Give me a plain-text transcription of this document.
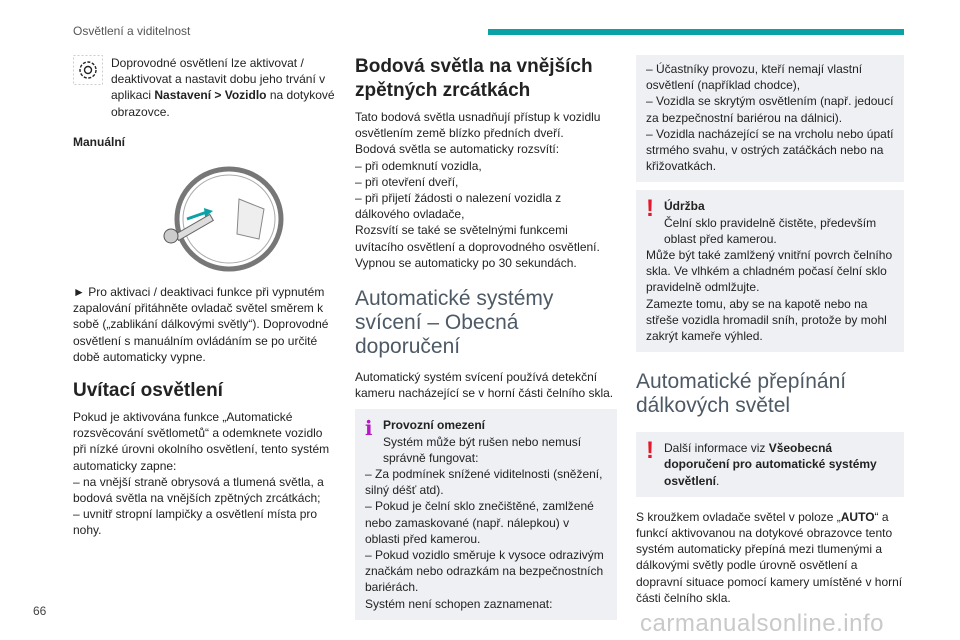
Osvětlení a viditelnost

Doprovodné osvětlení lze aktivovat / deaktivovat a nastavit dobu jeho trvání v aplikaci Nastavení > Vozidlo na dotykové obrazovce.

Manuální

► Pro aktivaci / deaktivaci funkce při vypnutém zapalování přitáhněte ovladač světel směrem k sobě („zablikání dálkovými světly“). Doprovodné osvětlení s manuálním ovládáním se po určité době automaticky vypne.

Uvítací osvětlení

Pokud je aktivována funkce „Automatické rozsvěcování světlometů“ a odemknete vozidlo při nízké úrovni okolního osvětlení, tento systém automaticky zapne:

– na vnější straně obrysová a tlumená světla, a bodová světla na vnějších zpětných zrcátkách;

– uvnitř stropní lampičky a osvětlení místa pro nohy.

Bodová světla na vnějších zpětných zrcátkách

Tato bodová světla usnadňují přístup k vozidlu osvětlením země blízko předních dveří.

Bodová světla se automaticky rozsvítí:

– při odemknutí vozidla,

– při otevření dveří,

– při přijetí žádosti o nalezení vozidla z dálkového ovladače,

Rozsvítí se také se světelnými funkcemi uvítacího osvětlení a doprovodného osvětlení.

Vypnou se automaticky po 30 sekundách.

Automatické systémy svícení – Obecná doporučení

Automatický systém svícení používá detekční kameru nacházející se v horní části čelního skla.

ℹ Provozní omezení

Systém může být rušen nebo nemusí správně fungovat:

– Za podmínek snížené viditelnosti (sněžení, silný déšť atd).

– Pokud je čelní sklo znečištěné, zamlžené nebo zamaskované (např. nálepkou) v oblasti před kamerou.

– Pokud vozidlo směruje k vysoce odrazivým značkám nebo odrazkám na bezpečnostních bariérách.

Systém není schopen zaznamenat:

– Účastníky provozu, kteří nemají vlastní osvětlení (například chodce),

– Vozidla se skrytým osvětlením (např. jedoucí za bezpečnostní bariérou na dálnici).

– Vozidla nacházející se na vrcholu nebo úpatí strmého svahu, v ostrých zatáčkách nebo na křižovatkách.

! Údržba

Čelní sklo pravidelně čistěte, především oblast před kamerou.

Může být také zamlžený vnitřní povrch čelního skla. Ve vlhkém a chladném počasí čelní sklo pravidelně odmlžujte.

Zamezte tomu, aby se na kapotě nebo na střeše vozidla hromadil sníh, protože by mohl zakrýt kameře výhled.

Automatické přepínání dálkových světel
! Další informace viz Všeobecná doporučení pro automatické systémy osvětlení.

S kroužkem ovladače světel v poloze „AUTO“ a funkcí aktivovanou na dotykové obrazovce tento systém automaticky přepíná mezi tlumenými a dálkovými světly podle úrovně osvětlení a dopravní situace pomocí kamery umístěné v horní části čelního skla.

66	carmanualsonline.info
